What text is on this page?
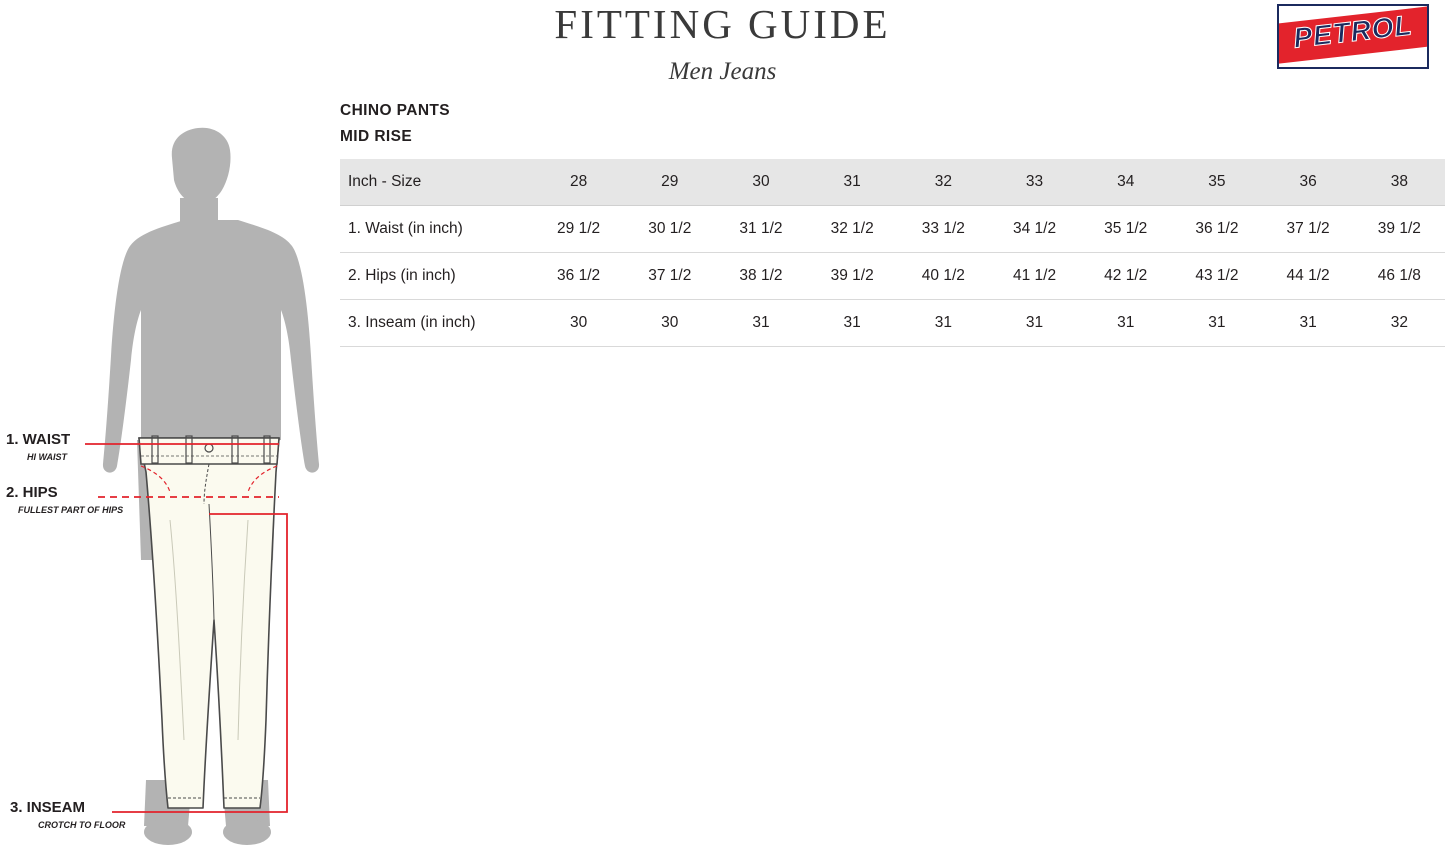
FITTING GUIDE
Men Jeans
PETROL
CHINO PANTS
MID RISE
Inch - Size	28	29	30	31	32	33	34	35	36	38
1. Waist (in inch)	29 1/2	30 1/2	31 1/2	32 1/2	33 1/2	34 1/2	35 1/2	36 1/2	37 1/2	39 1/2
2. Hips (in inch)	36 1/2	37 1/2	38 1/2	39 1/2	40 1/2	41 1/2	42 1/2	43 1/2	44 1/2	46 1/8
3. Inseam (in inch)	30	30	31	31	31	31	31	31	31	32
1. WAIST
HI WAIST
2. HIPS
FULLEST PART OF HIPS
3. INSEAM
CROTCH TO FLOOR
